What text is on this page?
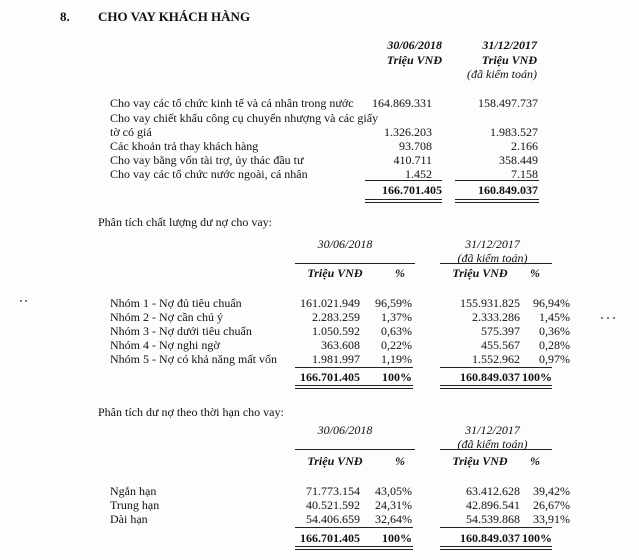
8. CHO VAY KHÁCH HÀNG
30/06/2018
Triệu VNĐ
31/12/2017
Triệu VNĐ
(đã kiểm toán)
Cho vay các tổ chức kinh tế và cá nhân trong nước	164.869.331	158.497.737
Cho vay chiết khấu công cụ chuyển nhượng và các giấy
tờ có giá	1.326.203	1.983.527
Các khoản trả thay khách hàng	93.708	2.166
Cho vay bằng vốn tài trợ, ủy thác đầu tư	410.711	358.449
Cho vay các tổ chức nước ngoài, cá nhân	1.452	7.158
166.701.405	160.849.037
Phân tích chất lượng dư nợ cho vay:
30/06/2018	31/12/2017
(đã kiểm toán)
Triệu VNĐ	%	Triệu VNĐ	%
Nhóm 1 - Nợ đủ tiêu chuẩn	161.021.949	96,59%	155.931.825	96,94%
Nhóm 2 - Nợ cần chú ý	2.283.259	1,37%	2.333.286	1,45%
Nhóm 3 - Nợ dưới tiêu chuẩn	1.050.592	0,63%	575.397	0,36%
Nhóm 4 - Nợ nghi ngờ	363.608	0,22%	455.567	0,28%
Nhóm 5 - Nợ có khả năng mất vốn	1.981.997	1,19%	1.552.962	0,97%
166.701.405	100%	160.849.037 100%
Phân tích dư nợ theo thời hạn cho vay:
30/06/2018	31/12/2017
(đã kiểm toán)
Triệu VNĐ	%	Triệu VNĐ	%
Ngắn hạn	71.773.154	43,05%	63.412.628	39,42%
Trung hạn	40.521.592	24,31%	42.896.541	26,67%
Dài hạn	54.406.659	32,64%	54.539.868	33,91%
166.701.405	100%	160.849.037 100%
